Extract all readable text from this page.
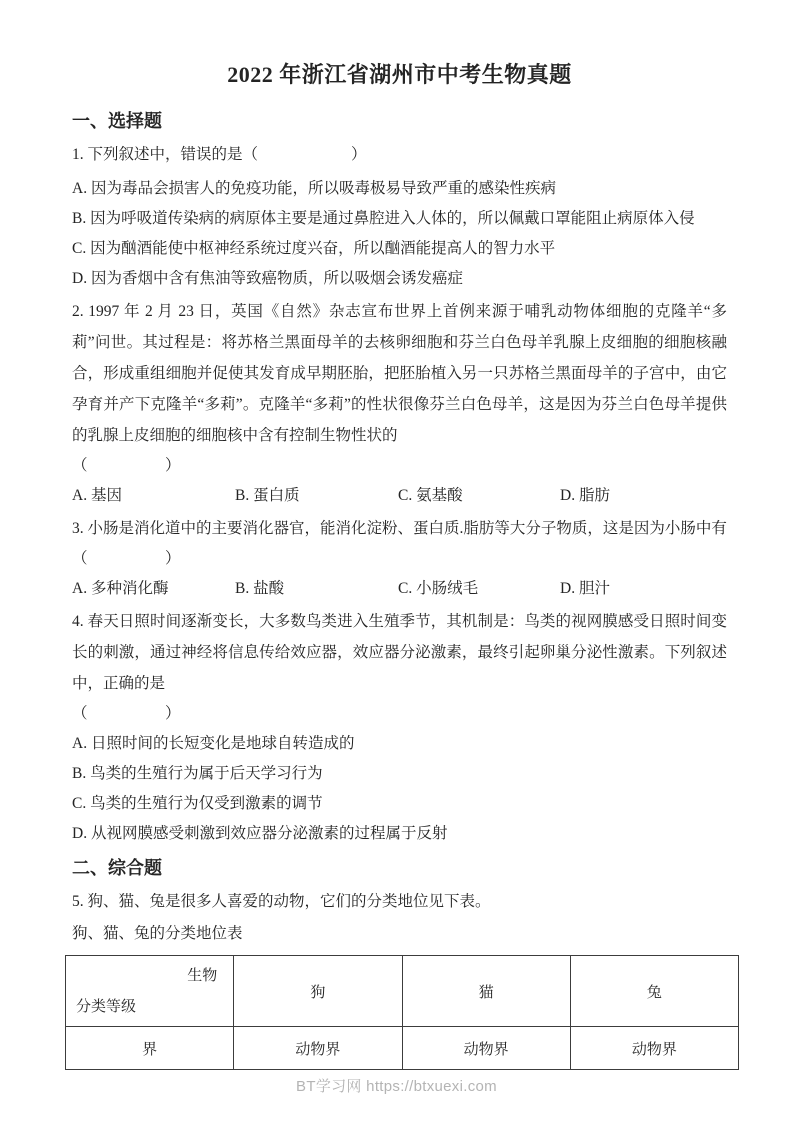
2022 年浙江省湖州市中考生物真题
一、选择题
1. 下列叙述中，错误的是（　　　　　　）
A. 因为毒品会损害人的免疫功能，所以吸毒极易导致严重的感染性疾病
B. 因为呼吸道传染病的病原体主要是通过鼻腔进入人体的，所以佩戴口罩能阻止病原体入侵
C. 因为酗酒能使中枢神经系统过度兴奋，所以酗酒能提高人的智力水平
D. 因为香烟中含有焦油等致癌物质，所以吸烟会诱发癌症

2. 1997 年 2 月 23 日，英国《自然》杂志宣布世界上首例来源于哺乳动物体细胞的克隆羊“多莉”问世。其过程是：将苏格兰黑面母羊的去核卵细胞和芬兰白色母羊乳腺上皮细胞的细胞核融合，形成重组细胞并促使其发育成早期胚胎，把胚胎植入另一只苏格兰黑面母羊的子宫中，由它孕育并产下克隆羊“多莉”。克隆羊“多莉”的性状很像芬兰白色母羊，这是因为芬兰白色母羊提供的乳腺上皮细胞的细胞核中含有控制生物性状的

（　　　　　）
A. 基因	B. 蛋白质	C. 氨基酸	D. 脂肪

3. 小肠是消化道中的主要消化器官，能消化淀粉、蛋白质.脂肪等大分子物质，这是因为小肠中有

（　　　　　）
A. 多种消化酶	B. 盐酸	C. 小肠绒毛	D. 胆汁

4. 春天日照时间逐渐变长，大多数鸟类进入生殖季节，其机制是：鸟类的视网膜感受日照时间变长的刺激，通过神经将信息传给效应器，效应器分泌激素，最终引起卵巢分泌性激素。下列叙述中，正确的是

（　　　　　）
A. 日照时间的长短变化是地球自转造成的
B. 鸟类的生殖行为属于后天学习行为
C. 鸟类的生殖行为仅受到激素的调节
D. 从视网膜感受刺激到效应器分泌激素的过程属于反射
二、综合题
5. 狗、猫、兔是很多人喜爱的动物，它们的分类地位见下表。
狗、猫、兔的分类地位表
生物
分类等级	狗	猫	兔
界	动物界	动物界	动物界
BT学习网 https://btxuexi.com
